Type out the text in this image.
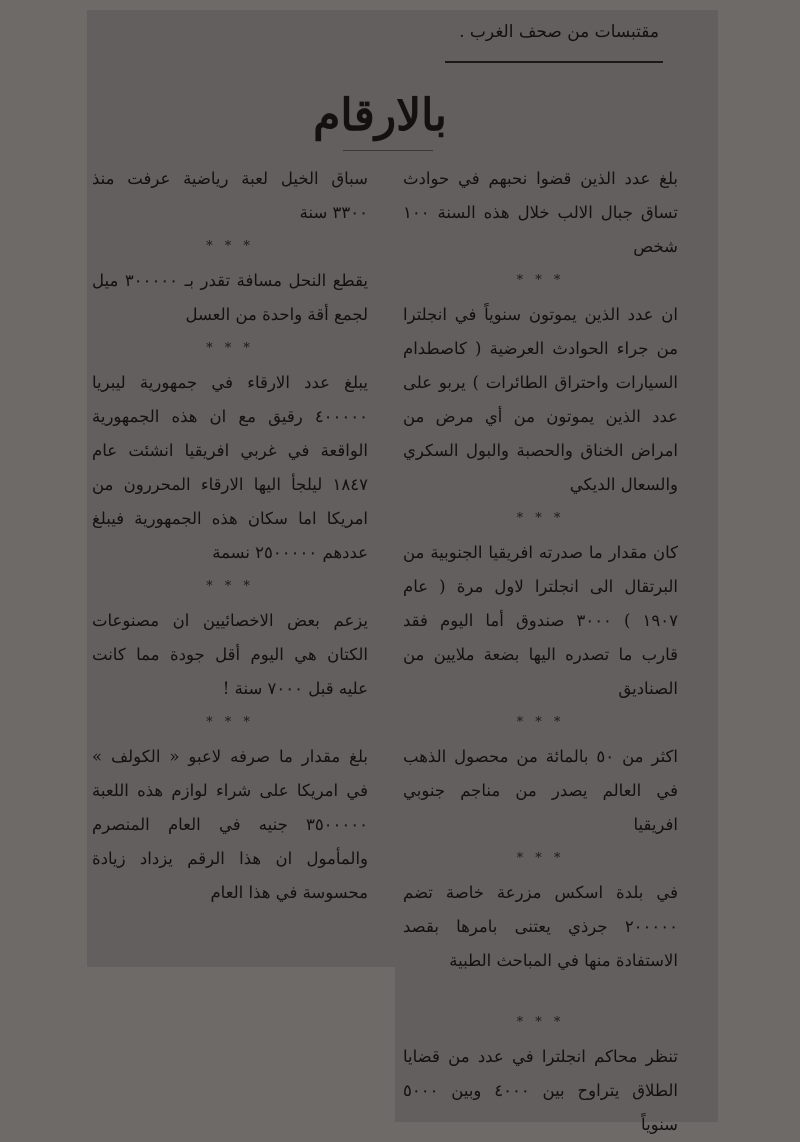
مقتبسات من صحف الغرب .
بالارقام

بلغ عدد الذين قضوا نحبهم في حوادث تساق جبال الالب خلال هذه السنة ١٠٠ شخص

* * *

ان عدد الذين يموتون سنوياً في انجلترا من جراء الحوادث العرضية ( كاصطدام السيارات واحتراق الطائرات ) يربو على عدد الذين يموتون من أي مرض من امراض الخناق والحصبة والبول السكري والسعال الديكي

* * *

كان مقدار ما صدرته افريقيا الجنوبية من البرتقال الى انجلترا لاول مرة ( عام ١٩٠٧ ) ٣٠٠٠ صندوق أما اليوم فقد قارب ما تصدره اليها بضعة ملايين من الصناديق

* * *

اكثر من ٥٠ بالمائة من محصول الذهب في العالم يصدر من مناجم جنوبي افريقيا

* * *

في بلدة اسكس مزرعة خاصة تضم ٢٠٠٠٠٠ جرذي يعتنى بامرها بقصد الاستفادة منها في المباحث الطبية

* * *

تنظر محاكم انجلترا في عدد من قضايا الطلاق يتراوح بين ٤٠٠٠ وبين ٥٠٠٠ سنوياً

سباق الخيل لعبة رياضية عرفت منذ ٣٣٠٠ سنة

* * *

يقطع النحل مسافة تقدر بـ ٣٠٠٠٠٠ ميل لجمع أقة واحدة من العسل

* * *

يبلغ عدد الارقاء في جمهورية ليبريا ٤٠٠٠٠٠ رقيق مع ان هذه الجمهورية الواقعة في غربي افريقيا انشئت عام ١٨٤٧ ليلجأ اليها الارقاء المحررون من امريكا اما سكان هذه الجمهورية فيبلغ عددهم ٢٥٠٠٠٠٠ نسمة

* * *

يزعم بعض الاخصائيين ان مصنوعات الكتان هي اليوم أقل جودة مما كانت عليه قبل ٧٠٠٠ سنة !

* * *

بلغ مقدار ما صرفه لاعبو « الكولف » في امريكا على شراء لوازم هذه اللعبة ٣٥٠٠٠٠٠ جنيه في العام المنصرم والمأمول ان هذا الرقم يزداد زيادة محسوسة في هذا العام
